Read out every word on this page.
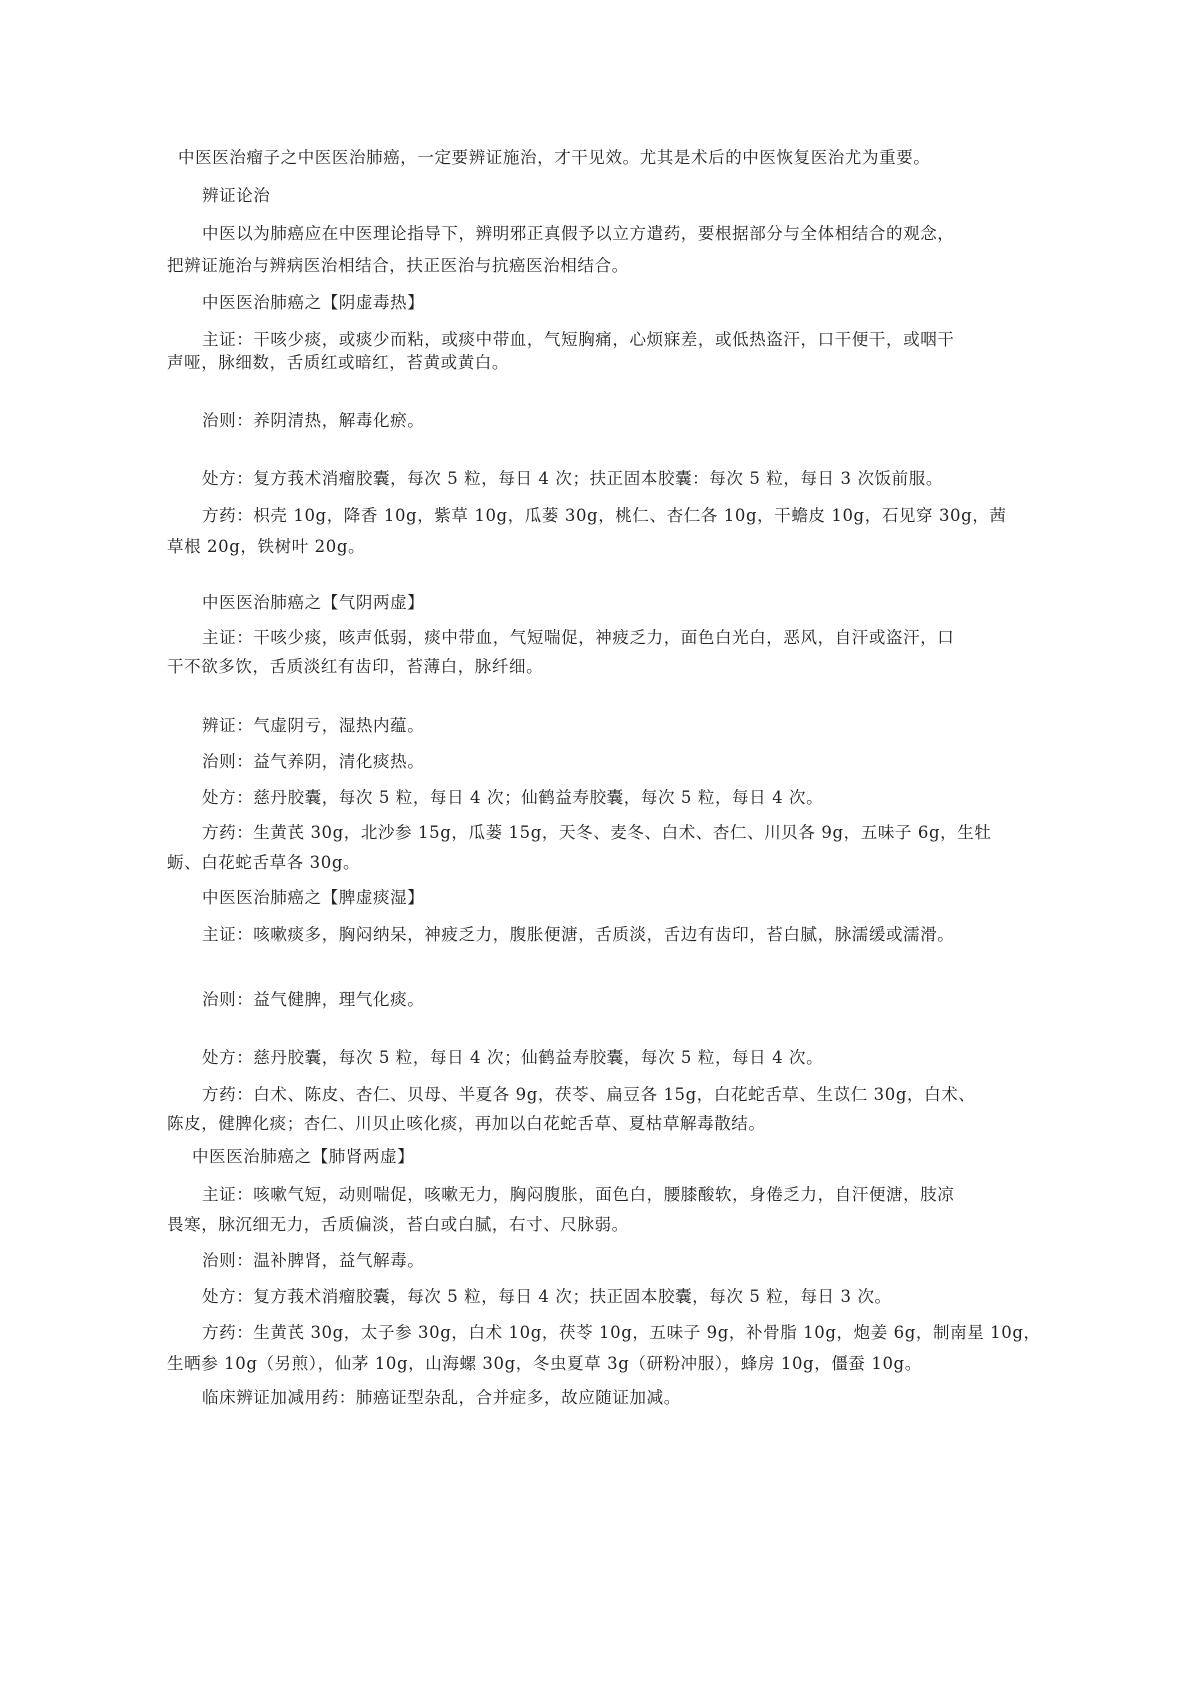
中医医治瘤子之中医医治肺癌，一定要辨证施治，才干见效。尤其是术后的中医恢复医治尤为重要。
辨证论治
中医以为肺癌应在中医理论指导下，辨明邪正真假予以立方遣药，要根据部分与全体相结合的观念，
把辨证施治与辨病医治相结合，扶正医治与抗癌医治相结合。
中医医治肺癌之【阴虚毒热】
主证：干咳少痰，或痰少而粘，或痰中带血，气短胸痛，心烦寐差，或低热盗汗，口干便干，或咽干
声哑，脉细数，舌质红或暗红，苔黄或黄白。
治则：养阴清热，解毒化瘀。
处方：复方莪术消瘤胶囊，每次 5 粒，每日 4 次；扶正固本胶囊：每次 5 粒，每日 3 次饭前服。
方药：枳壳 10g，降香 10g，紫草 10g，瓜蒌 30g，桃仁、杏仁各 10g，干蟾皮 10g，石见穿 30g，茜
草根 20g，铁树叶 20g。
中医医治肺癌之【气阴两虚】
主证：干咳少痰，咳声低弱，痰中带血，气短喘促，神疲乏力，面色白光白，恶风，自汗或盗汗，口
干不欲多饮，舌质淡红有齿印，苔薄白，脉纤细。
辨证：气虚阴亏，湿热内蕴。
治则：益气养阴，清化痰热。
处方：慈丹胶囊，每次 5 粒，每日 4 次；仙鹤益寿胶囊，每次 5 粒，每日 4 次。
方药：生黄芪 30g，北沙参 15g，瓜蒌 15g，天冬、麦冬、白术、杏仁、川贝各 9g，五味子 6g，生牡
蛎、白花蛇舌草各 30g。
中医医治肺癌之【脾虚痰湿】
主证：咳嗽痰多，胸闷纳呆，神疲乏力，腹胀便溏，舌质淡，舌边有齿印，苔白腻，脉濡缓或濡滑。
治则：益气健脾，理气化痰。
处方：慈丹胶囊，每次 5 粒，每日 4 次；仙鹤益寿胶囊，每次 5 粒，每日 4 次。
方药：白术、陈皮、杏仁、贝母、半夏各 9g，茯苓、扁豆各 15g，白花蛇舌草、生苡仁 30g，白术、
陈皮，健脾化痰；杏仁、川贝止咳化痰，再加以白花蛇舌草、夏枯草解毒散结。
中医医治肺癌之【肺肾两虚】
主证：咳嗽气短，动则喘促，咳嗽无力，胸闷腹胀，面色白，腰膝酸软，身倦乏力，自汗便溏，肢凉
畏寒，脉沉细无力，舌质偏淡，苔白或白腻，右寸、尺脉弱。
治则：温补脾肾，益气解毒。
处方：复方莪术消瘤胶囊，每次 5 粒，每日 4 次；扶正固本胶囊，每次 5 粒，每日 3 次。
方药：生黄芪 30g，太子参 30g，白术 10g，茯苓 10g，五味子 9g，补骨脂 10g，炮姜 6g，制南星 10g，
生晒参 10g（另煎），仙茅 10g，山海螺 30g，冬虫夏草 3g（研粉冲服），蜂房 10g，僵蚕 10g。
临床辨证加减用药：肺癌证型杂乱，合并症多，故应随证加减。
